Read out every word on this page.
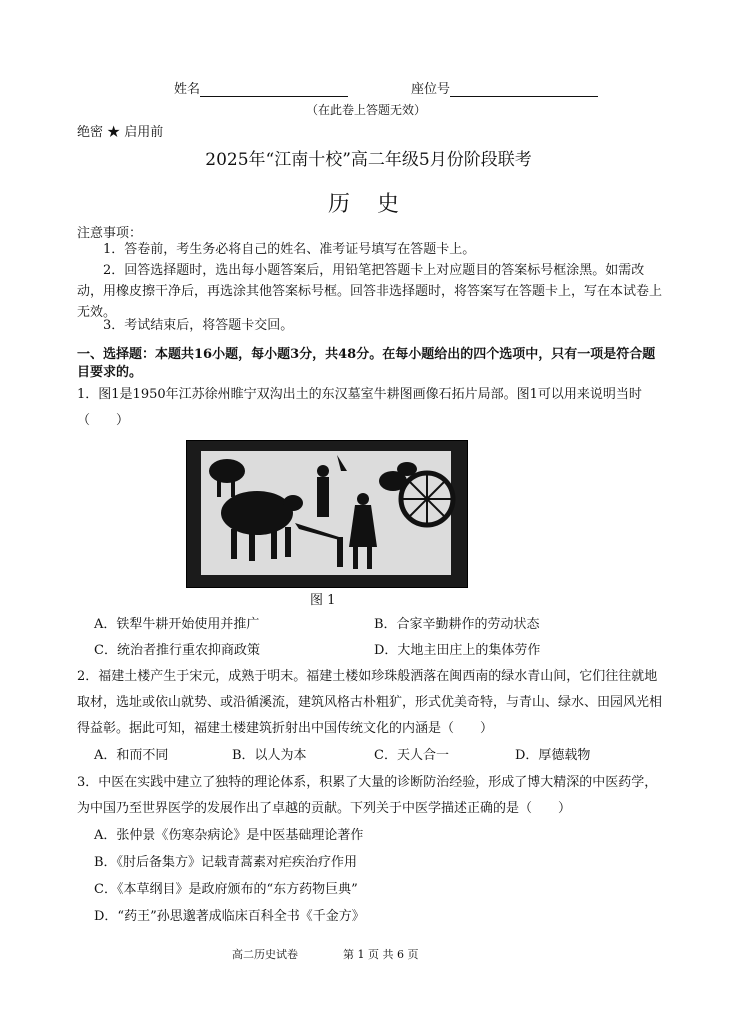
姓名	座位号
（在此卷上答题无效）
绝密 ★ 启用前
2025年“江南十校”高二年级5月份阶段联考
历 史
注意事项：
1．答卷前，考生务必将自己的姓名、准考证号填写在答题卡上。
2．回答选择题时，选出每小题答案后，用铅笔把答题卡上对应题目的答案标号框涂黑。如需改动，用橡皮擦干净后，再选涂其他答案标号框。回答非选择题时，将答案写在答题卡上，写在本试卷上无效。
3．考试结束后，将答题卡交回。
一、选择题：本题共16小题，每小题3分，共48分。在每小题给出的四个选项中，只有一项是符合题目要求的。
1．图1是1950年江苏徐州睢宁双沟出土的东汉墓室牛耕图画像石拓片局部。图1可以用来说明当时（　　）
图 1
A．铁犁牛耕开始使用并推广	B．合家辛勤耕作的劳动状态
C．统治者推行重农抑商政策	D．大地主田庄上的集体劳作
2．福建土楼产生于宋元，成熟于明末。福建土楼如珍珠般洒落在闽西南的绿水青山间，它们往往就地取材，选址或依山就势、或沿循溪流，建筑风格古朴粗犷，形式优美奇特，与青山、绿水、田园风光相得益彰。据此可知，福建土楼建筑折射出中国传统文化的内涵是（　　）
A．和而不同	B．以人为本	C．天人合一	D．厚德载物
3．中医在实践中建立了独特的理论体系，积累了大量的诊断防治经验，形成了博大精深的中医药学，为中国乃至世界医学的发展作出了卓越的贡献。下列关于中医学描述正确的是（　　）
A．张仲景《伤寒杂病论》是中医基础理论著作
B．《肘后备集方》记载青蒿素对疟疾治疗作用
C．《本草纲目》是政府颁布的“东方药物巨典”
D．“药王”孙思邈著成临床百科全书《千金方》
高二历史试卷	第 1 页 共 6 页
